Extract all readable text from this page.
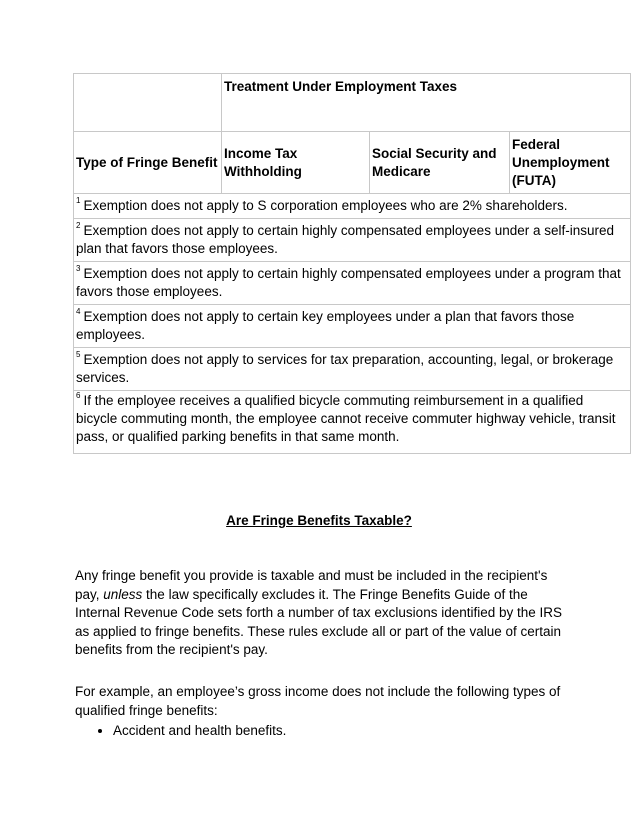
	Treatment Under Employment Taxes		
Type of Fringe Benefit	Income Tax Withholding	Social Security and Medicare	Federal Unemployment (FUTA)
$^1$ Exemption does not apply to S corporation employees who are 2% shareholders.			
$^2$ Exemption does not apply to certain highly compensated employees under a self-insured plan that favors those employees.			
$^3$ Exemption does not apply to certain highly compensated employees under a program that favors those employees.			
$^4$ Exemption does not apply to certain key employees under a plan that favors those employees.			
$^5$ Exemption does not apply to services for tax preparation, accounting, legal, or brokerage services.			
$^6$ If the employee receives a qualified bicycle commuting reimbursement in a qualified bicycle commuting month, the employee cannot receive commuter highway vehicle, transit pass, or qualified parking benefits in that same month.			
Are Fringe Benefits Taxable?

Any fringe benefit you provide is taxable and must be included in the recipient's pay, unless the law specifically excludes it. The Fringe Benefits Guide of the Internal Revenue Code sets forth a number of tax exclusions identified by the IRS as applied to fringe benefits. These rules exclude all or part of the value of certain benefits from the recipient's pay.

For example, an employee’s gross income does not include the following types of qualified fringe benefits:

• Accident and health benefits.
